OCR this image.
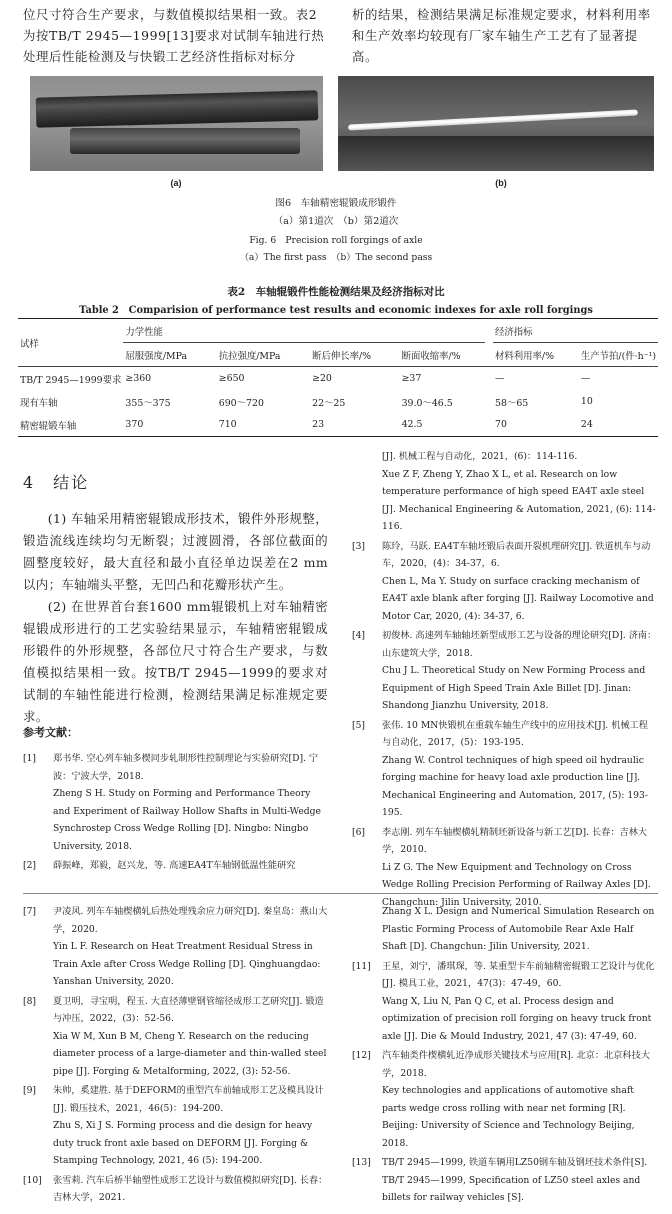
位尺寸符合生产要求，与数值模拟结果相一致。表2为按TB/T 2945—1999[13]要求对试制车轴进行热处理后性能检测及与快锻工艺经济性指标对标分
析的结果，检测结果满足标准规定要求，材料利用率和生产效率均较现有厂家车轴生产工艺有了显著提高。
(a)	(b)
图6　车轴精密辊锻成形锻件
（a）第1道次　（b）第2道次
Fig. 6　Precision roll forgings of axle
（a）The first pass　（b）The second pass
表2　车轴辊锻件性能检测结果及经济指标对比
Table 2　Comparision of performance test results and economic indexes for axle roll forgings
试样	力学性能					经济指标	
	屈服强度/MPa	抗拉强度/MPa	断后伸长率/%	断面收缩率/%		材料利用率/%	生产节拍/(件·h⁻¹)
TB/T 2945—1999要求	≥360	≥650	≥20	≥37		—	—
现有车轴	355～375	690～720	22～25	39.0～46.5		58～65	10
精密辊锻车轴	370	710	23	42.5		70	24
4　结论

(1) 车轴采用精密辊锻成形技术，锻件外形规整，锻造流线连续均匀无断裂；过渡圆滑，各部位截面的圆整度较好，最大直径和最小直径单边误差在2 mm以内；车轴端头平整，无凹凸和花瓣形状产生。

(2) 在世界首台套1600 mm辊锻机上对车轴精密辊锻成形进行的工艺实验结果显示，车轴精密辊锻成形锻件的外形规整，各部位尺寸符合生产要求，与数值模拟结果相一致。按TB/T 2945—1999的要求对试制的车轴性能进行检测，检测结果满足标准规定要求。

参考文献：
[1]	郑书华. 空心列车轴多楔同步轧制形性控制理论与实验研究[D]. 宁波：宁波大学，2018.
Zheng S H. Study on Forming and Performance Theory and Experiment of Railway Hollow Shafts in Multi-Wedge Synchrostep Cross Wedge Rolling [D]. Ningbo: Ningbo University, 2018.
[2]	薛振峰，郑毅，赵兴龙，等. 高速EA4T车轴钢低温性能研究
[J]. 机械工程与自动化，2021，(6)：114-116.
Xue Z F, Zheng Y, Zhao X L, et al. Research on low temperature performance of high speed EA4T axle steel [J]. Mechanical Engineering & Automation, 2021, (6): 114-116.
[3]	陈玲，马跃. EA4T车轴坯锻后表面开裂机理研究[J]. 铁道机车与动车，2020，(4)：34-37，6.
Chen L, Ma Y. Study on surface cracking mechanism of EA4T axle blank after forging [J]. Railway Locomotive and Motor Car, 2020, (4): 34-37, 6.
[4]	初俊林. 高速列车轴轴坯新型成形工艺与设备的理论研究[D]. 济南：山东建筑大学，2018.
Chu J L. Theoretical Study on New Forming Process and Equipment of High Speed Train Axle Billet [D]. Jinan: Shandong Jianzhu University, 2018.
[5]	张伟. 10 MN快锻机在重载车轴生产线中的应用技术[J]. 机械工程与自动化，2017，(5)：193-195.
Zhang W. Control techniques of high speed oil hydraulic forging machine for heavy load axle production line [J]. Mechanical Engineering and Automation, 2017, (5): 193-195.
[6]	李志刚. 列车车轴楔横轧精制坯新设备与新工艺[D]. 长春：吉林大学，2010.
Li Z G. The New Equipment and Technology on Cross Wedge Rolling Precision Performing of Railway Axles [D]. Changchun: Jilin University, 2010.
[7]	尹凌风. 列车车轴楔横轧后热处理残余应力研究[D]. 秦皇岛：燕山大学，2020.
Yin L F. Research on Heat Treatment Residual Stress in Train Axle after Cross Wedge Rolling [D]. Qinghuangdao: Yanshan University, 2020.
[8]	夏卫明，寻宝明，程玉. 大直径薄壁钢管缩径成形工艺研究[J]. 锻造与冲压，2022，(3)：52-56.
Xia W M, Xun B M, Cheng Y. Research on the reducing diameter process of a large-diameter and thin-walled steel pipe [J]. Forging & Metalforming, 2022, (3): 52-56.
[9]	朱帅，奚建胜. 基于DEFORM的重型汽车前轴成形工艺及模具设计[J]. 锻压技术，2021，46(5)：194-200.
Zhu S, Xi J S. Forming process and die design for heavy duty truck front axle based on DEFORM [J]. Forging & Stamping Technology, 2021, 46 (5): 194-200.
[10]	张雪莉. 汽车后桥半轴塑性成形工艺设计与数值模拟研究[D]. 长春：吉林大学，2021.
Zhang X L. Design and Numerical Simulation Research on Plastic Forming Process of Automobile Rear Axle Half Shaft [D]. Changchun: Jilin University, 2021.
[11]	王星，刘宁，潘琪琛，等. 某重型卡车前轴精密辊锻工艺设计与优化[J]. 模具工业，2021，47(3)：47-49，60.
Wang X, Liu N, Pan Q C, et al. Process design and optimization of precision roll forging on heavy truck front axle [J]. Die & Mould Industry, 2021, 47 (3): 47-49, 60.
[12]	汽车轴类件楔横轧近净成形关键技术与应用[R]. 北京：北京科技大学，2018.
Key technologies and applications of automotive shaft parts wedge cross rolling with near net forming [R]. Beijing: University of Science and Technology Beijing, 2018.
[13]	TB/T 2945—1999, 铁道车辆用LZ50钢车轴及钢坯技术条件[S].
TB/T 2945—1999, Specification of LZ50 steel axles and billets for railway vehicles [S].
